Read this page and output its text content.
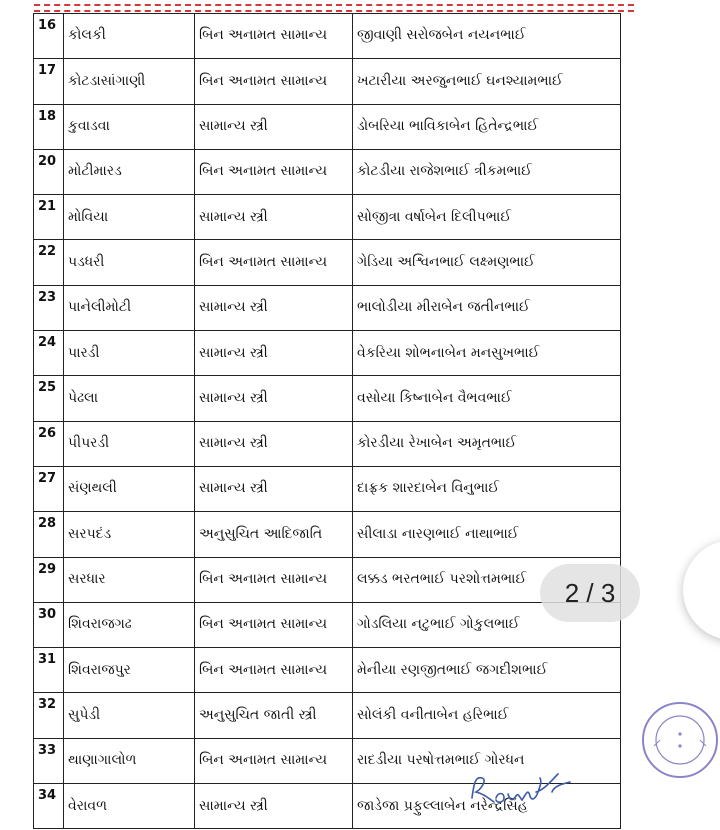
16	કોલકી	બિન અનામત સામાન્ય	જીવાણી સરોજબેન નયનભાઈ
17	કોટડાસાંગાણી	બિન અનામત સામાન્ય	ખટારીયા અરજુનભાઈ ઘનશ્યામભાઈ
18	કુવાડવા	સામાન્ય સ્ત્રી	ડોબરિયા ભાવિકાબેન હિતેન્દ્રભાઈ
20	મોટીમારડ	બિન અનામત સામાન્ય	કોટડીયા રાજેશભાઈ ત્રીકમભાઈ
21	મોવિયા	સામાન્ય સ્ત્રી	સોજીત્રા વર્ષાબેન દિલીપભાઈ
22	પડધરી	બિન અનામત સામાન્ય	ગેડિયા અશ્વિનભાઈ લક્ષ્મણભાઈ
23	પાનેલીમોટી	સામાન્ય સ્ત્રી	ભાલોડીયા મીરાબેન જતીનભાઈ
24	પારડી	સામાન્ય સ્ત્રી	વેકરિયા શોભનાબેન મનસુખભાઈ
25	પેઢલા	સામાન્ય સ્ત્રી	વસોયા કિષ્નાબેન વૈભવભાઈ
26	પીપરડી	સામાન્ય સ્ત્રી	કોરડીયા રેખાબેન અમૃતભાઈ
27	સંણથલી	સામાન્ય સ્ત્રી	દાફ્રક શારદાબેન વિનુભાઈ
28	સરપદંડ	અનુસુચિત આદિજાતિ	સીલાડા નારણભાઈ નાથાભાઈ
29	સરધાર	બિન અનામત સામાન્ય	લક્કડ ભરતભાઈ પરશોત્તમભાઈ
30	શિવરાજગઢ	બિન અનામત સામાન્ય	ગોડલિયા નટુભાઈ ગોકુલભાઈ
31	શિવરાજપુર	બિન અનામત સામાન્ય	મેનીયા રણજીતભાઈ જગદીશભાઈ
32	સુપેડી	અનુસુચિત જાતી સ્ત્રી	સોલંકી વનીતાબેન હરિભાઈ
33	થાણાગાલોળ	બિન અનામત સામાન્ય	રાદડીયા પરષોત્તમભાઈ ગોરધન
34	વેરાવળ	સામાન્ય સ્ત્રી	જાડેજા પ્રફુલ્લાબેન નરેન્દ્રસિંહ
2 / 3
